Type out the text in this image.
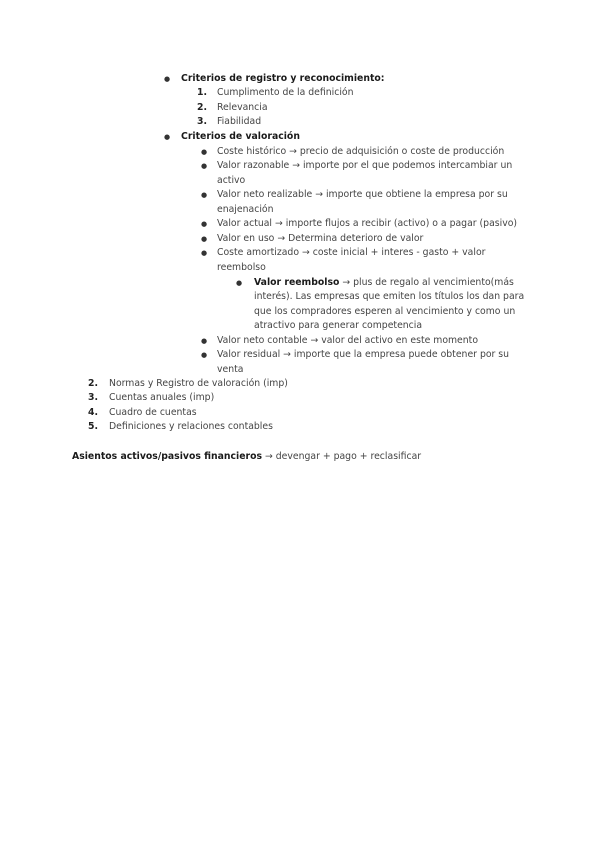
● Criterios de registro y reconocimiento:
1. Cumplimento de la definición
2. Relevancia
3. Fiabilidad
● Criterios de valoración
● Coste histórico → precio de adquisición o coste de producción
● Valor razonable → importe por el que podemos intercambiar un
activo
● Valor neto realizable → importe que obtiene la empresa por su
enajenación
● Valor actual → importe flujos a recibir (activo) o a pagar (pasivo)
● Valor en uso → Determina deterioro de valor
● Coste amortizado → coste inicial + interes - gasto + valor
reembolso
● Valor reembolso → plus de regalo al vencimiento(más
interés). Las empresas que emiten los títulos los dan para
que los compradores esperen al vencimiento y como un
atractivo para generar competencia
● Valor neto contable → valor del activo en este momento
● Valor residual → importe que la empresa puede obtener por su
venta
2. Normas y Registro de valoración (imp)
3. Cuentas anuales (imp)
4. Cuadro de cuentas
5. Definiciones y relaciones contables
Asientos activos/pasivos financieros → devengar + pago + reclasificar
